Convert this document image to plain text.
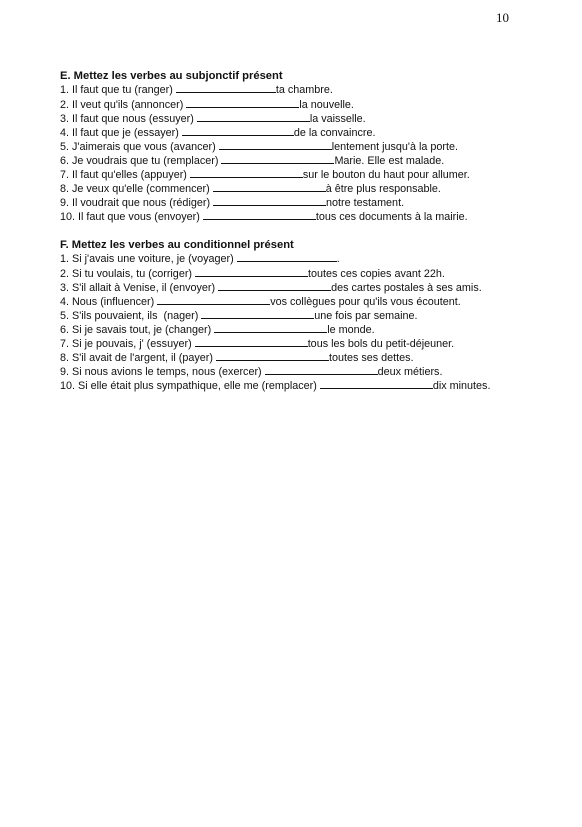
10

E. Mettez les verbes au subjonctif présent

1. Il faut que tu (ranger)	ta chambre.
2. Il veut qu'ils (annoncer)	la nouvelle.
3. Il faut que nous (essuyer)	la vaisselle.
4. Il faut que je (essayer)	de la convaincre.
5. J'aimerais que vous (avancer)	lentement jusqu'à la porte.
6. Je voudrais que tu (remplacer)	Marie. Elle est malade.
7. Il faut qu'elles (appuyer)	sur le bouton du haut pour allumer.
8. Je veux qu'elle (commencer)	à être plus responsable.
9. Il voudrait que nous (rédiger)	notre testament.
10. Il faut que vous (envoyer)	tous ces documents à la mairie.

F. Mettez les verbes au conditionnel présent

1. Si j'avais une voiture, je (voyager)	.
2. Si tu voulais, tu (corriger)	toutes ces copies avant 22h.
3. S'il allait à Venise, il (envoyer)	des cartes postales à ses amis.
4. Nous (influencer)	vos collègues pour qu'ils vous écoutent.
5. S'ils pouvaient, ils  (nager)	une fois par semaine.
6. Si je savais tout, je (changer)	le monde.
7. Si je pouvais, j' (essuyer)	tous les bols du petit-déjeuner.
8. S'il avait de l'argent, il (payer)	toutes ses dettes.
9. Si nous avions le temps, nous (exercer)	deux métiers.
10. Si elle était plus sympathique, elle me (remplacer)	dix minutes.
